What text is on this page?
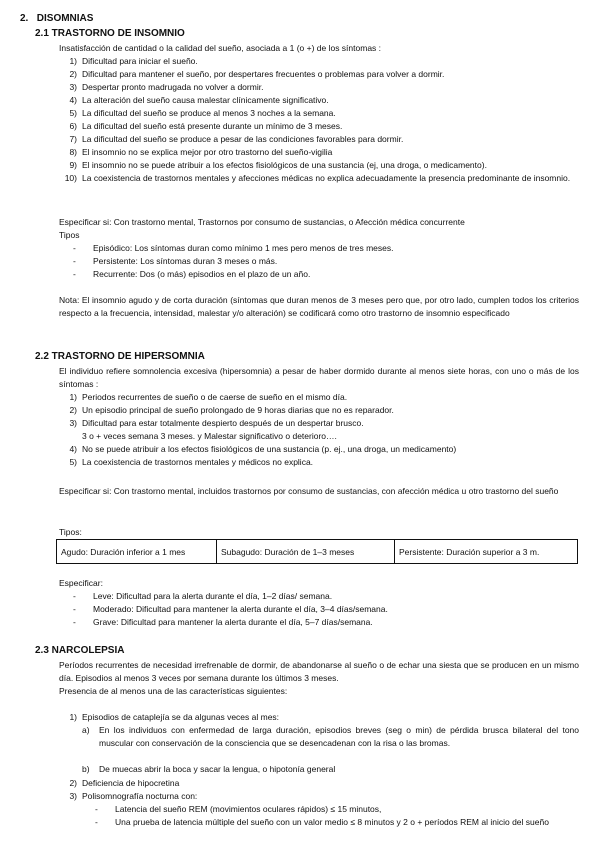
2. DISOMNIAS
2.1 TRASTORNO DE INSOMNIO
Insatisfacción de cantidad o la calidad del sueño, asociada a 1 (o +) de los síntomas :
1) Dificultad para iniciar el sueño.
2) Dificultad para mantener el sueño, por despertares frecuentes o problemas para volver a dormir.
3) Despertar pronto madrugada no volver a dormir.
4) La alteración del sueño causa malestar clínicamente significativo.
5) La dificultad del sueño se produce al menos 3 noches a la semana.
6) La dificultad del sueño está presente durante un mínimo de 3 meses.
7) La dificultad del sueño se produce a pesar de las condiciones favorables para dormir.
8) El insomnio no se explica mejor por otro trastorno del sueño-vigilia
9) El insomnio no se puede atribuir a los efectos fisiológicos de una sustancia (ej, una droga, o medicamento).
10) La coexistencia de trastornos mentales y afecciones médicas no explica adecuadamente la presencia predominante de insomnio.
Especificar si: Con trastorno mental, Trastornos por consumo de sustancias, o Afección médica concurrente
Tipos
- Episódico: Los síntomas duran como mínimo 1 mes pero menos de tres meses.
- Persistente: Los síntomas duran 3 meses o más.
- Recurrente: Dos (o más) episodios en el plazo de un año.
Nota: El insomnio agudo y de corta duración (síntomas que duran menos de 3 meses pero que, por otro lado, cumplen todos los criterios respecto a la frecuencia, intensidad, malestar y/o alteración) se codificará como otro trastorno de insomnio especificado
2.2 TRASTORNO DE HIPERSOMNIA
El individuo refiere somnolencia excesiva (hipersomnia) a pesar de haber dormido durante al menos siete horas, con uno o más de los síntomas :
1) Periodos recurrentes de sueño o de caerse de sueño en el mismo día.
2) Un episodio principal de sueño prolongado de 9 horas diarias que no es reparador.
3) Dificultad para estar totalmente despierto después de un despertar brusco.
3 o + veces semana 3 meses. y Malestar significativo o deterioro….
4) No se puede atribuir a los efectos fisiológicos de una sustancia (p. ej., una droga, un medicamento)
5) La coexistencia de trastornos mentales y médicos no explica.
Especificar si: Con trastorno mental, incluidos trastornos por consumo de sustancias, con afección médica u otro trastorno del sueño
Tipos:
Agudo: Duración inferior a 1 mes	Subagudo: Duración de 1–3 meses	Persistente: Duración superior a 3 m.
Especificar:
- Leve: Dificultad para la alerta durante el día, 1–2 días/ semana.
- Moderado: Dificultad para mantener la alerta durante el día, 3–4 días/semana.
- Grave: Dificultad para mantener la alerta durante el día, 5–7 días/semana.
2.3 NARCOLEPSIA
Períodos recurrentes de necesidad irrefrenable de dormir, de abandonarse al sueño o de echar una siesta que se producen en un mismo día. Episodios al menos 3 veces por semana durante los últimos 3 meses.
Presencia de al menos una de las características siguientes:
1) Episodios de cataplejía se da algunas veces al mes:
a)	En los individuos con enfermedad de larga duración, episodios breves (seg o min) de pérdida brusca bilateral del tono muscular con conservación de la consciencia que se desencadenan con la risa o las bromas.
b)	De muecas abrir la boca y sacar la lengua, o hipotonía general
2) Deficiencia de hipocretina
3) Polisomnografía nocturna con:
- Latencia del sueño REM (movimientos oculares rápidos) ≤ 15 minutos,
- Una prueba de latencia múltiple del sueño con un valor medio ≤ 8 minutos y 2 o + períodos REM al inicio del sueño
